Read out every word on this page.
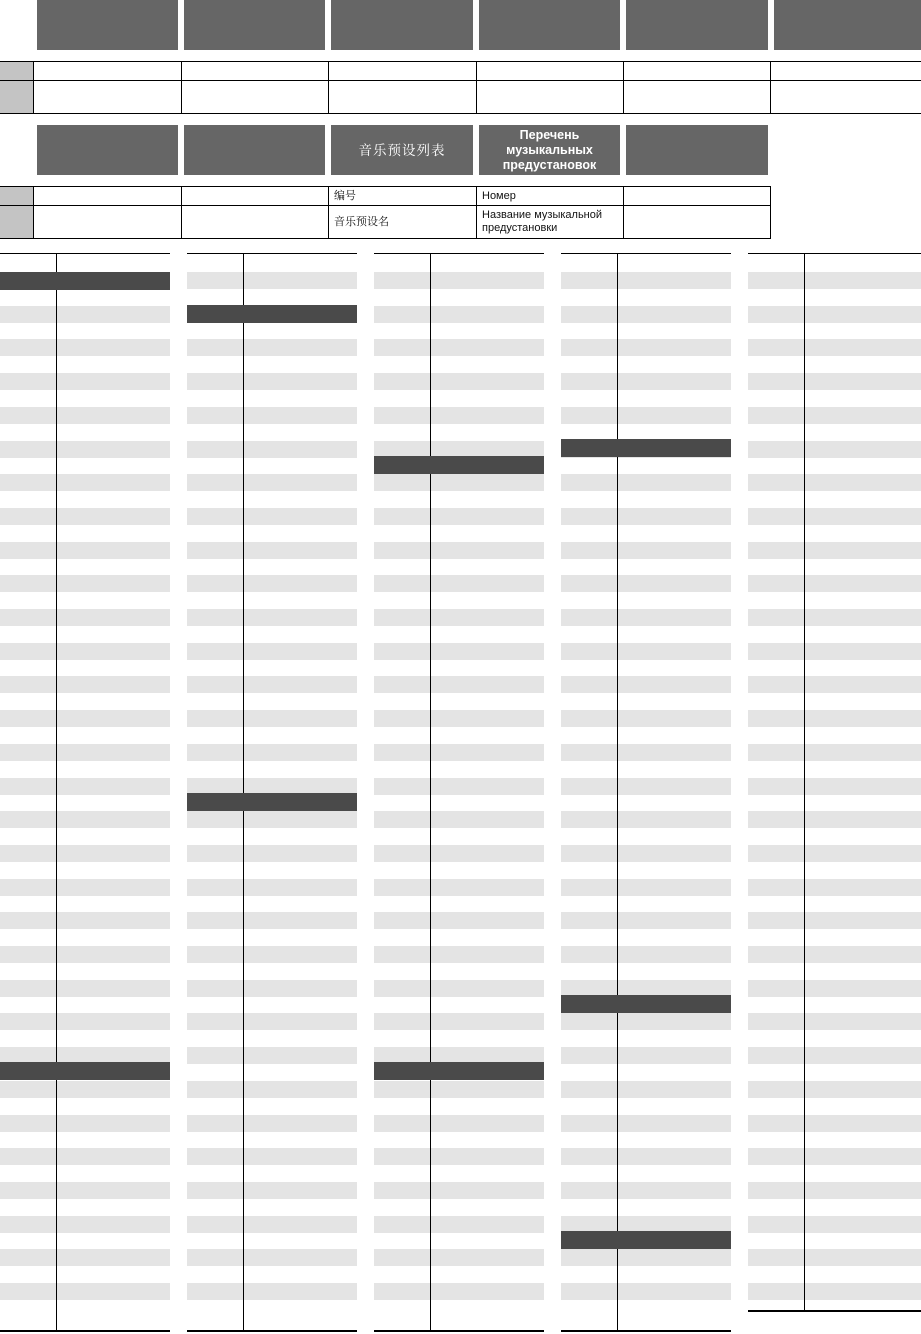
音乐预设列表
Перечень музыкальных предустановок
编号	Номер
音乐预设名
Название музыкальной предустановки
